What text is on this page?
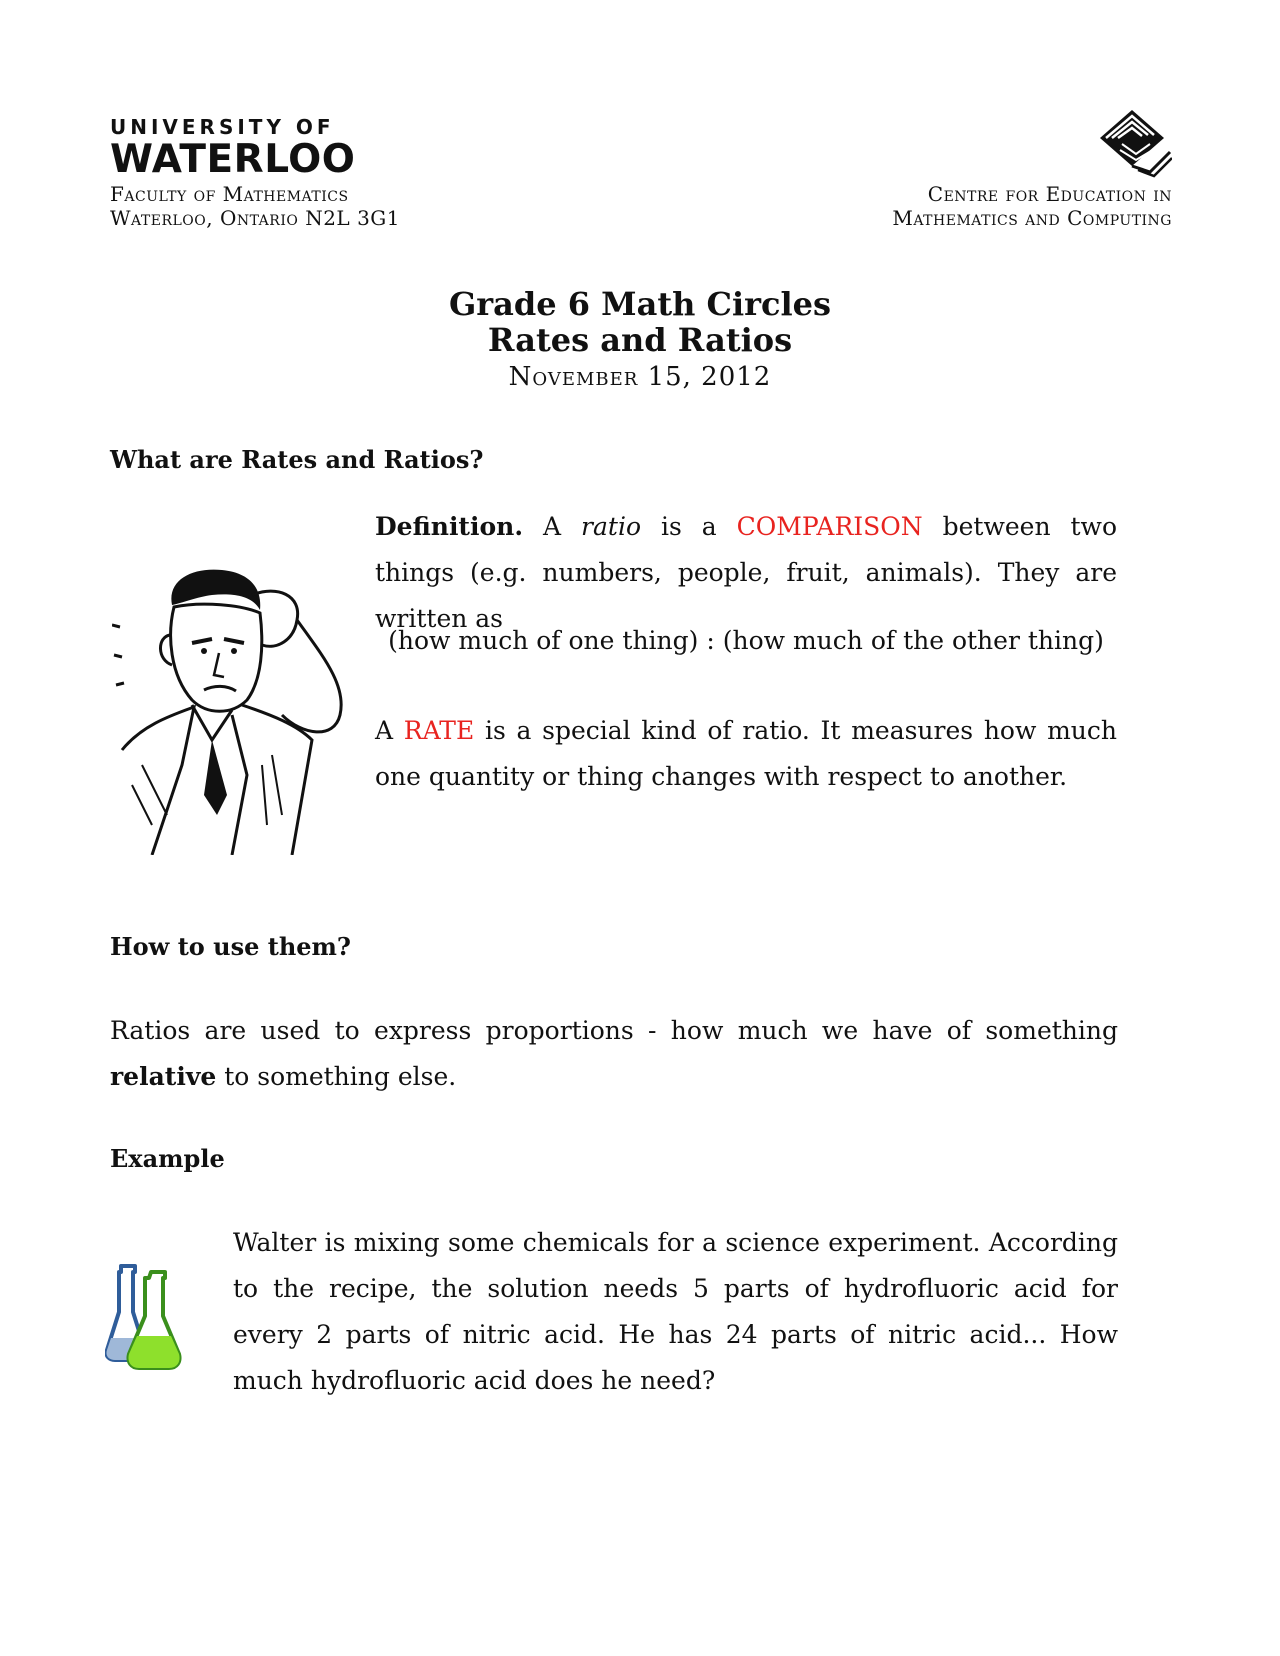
UNIVERSITY OF
WATERLOO
Faculty of Mathematics
Waterloo, Ontario N2L 3G1
Centre for Education in
Mathematics and Computing
Grade 6 Math Circles
Rates and Ratios
November 15, 2012
What are Rates and Ratios?
Definition. A ratio is a COMPARISON between two things (e.g. numbers, people, fruit, animals). They are written as
(how much of one thing) : (how much of the other thing)
A RATE is a special kind of ratio. It measures how much one quantity or thing changes with respect to another.
How to use them?
Ratios are used to express proportions - how much we have of something relative to something else.
Example
Walter is mixing some chemicals for a science experiment. According to the recipe, the solution needs 5 parts of hydrofluoric acid for every 2 parts of nitric acid. He has 24 parts of nitric acid... How much hydrofluoric acid does he need?
